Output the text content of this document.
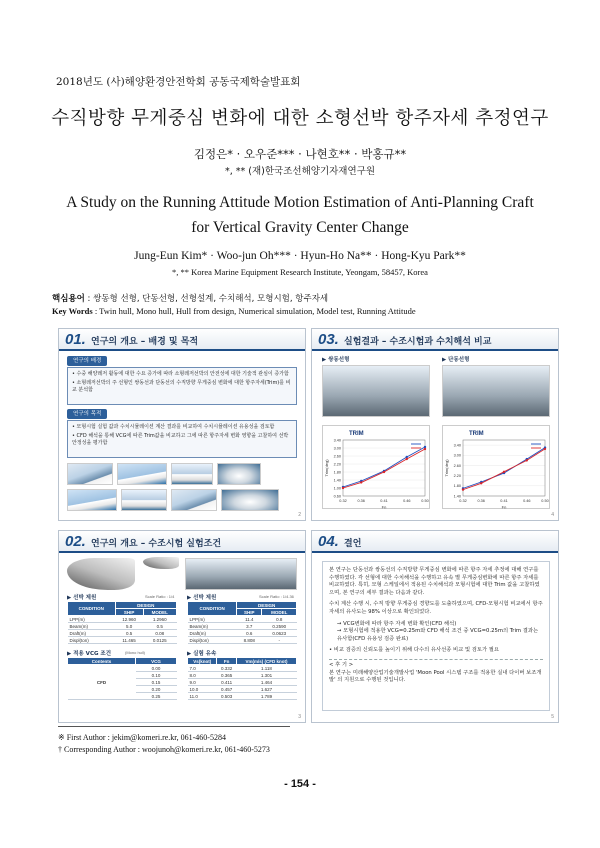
2018년도 (사)해양환경안전학회 공동국제학술발표회
수직방향 무게중심 변화에 대한 소형선박 항주자세 추정연구
김정은* · 오우준*** · 나현호** · 박홍규**
*, ** (재)한국조선해양기자재연구원
A Study on the Running Attitude Motion Estimation of Anti-Planning Craft
for Vertical Gravity Center Change
Jung-Eun Kim* · Woo-jun Oh*** · Hyun-Ho Na** · Hong-Kyu Park**
*, ** Korea Marine Equipment Research Institute, Yeongam, 58457, Korea
핵심용어 : 쌍동형 선형, 단동선형, 선형설계, 수치해석, 모형시험, 항주자세
Key Words : Twin hull, Mono hull, Hull from design, Numerical simulation, Model test, Running Attitude
01. 연구의 개요 – 배경 및 목적
연구의 배경
• 수중 해양레저 활동에 대한 수요 증가에 따라 소형레저선박의 안전성에 대한 기술적 관심이 증가함
• 소형레저선박의 주 선형인 쌍동선과 단동선의 수직방향 무게중심 변화에 대한 항주자세(Trim)를 비교 분석함
연구의 목적
• 모형시험 실험 값과 수치시뮬레이션 계산 결과를 비교하여 수치시뮬레이션 유용성을 검토함
• CFD 해석을 통해 VCG에 따른 Trim값을 비교하고 그에 따른 항주자세 변화 영향을 고찰하여 선박 안정성을 평가함
2
03. 실험결과 – 수조시험과 수치해석 비교
▶ 쌍동선형	▶ 단동선형
TRIM
0.60
1.00
1.40
1.80
2.20
2.60
3.00
3.40
0.32	0.36	0.41	0.46	0.50
Fn
Trim(deg)
TRIM
1.40
1.80
2.20
2.60
3.00
3.40
0.32	0.36	0.41	0.46	0.50
Fn
Trim(deg)
4
02. 연구의 개요 – 수조시험 실험조건
▶ 선박 제원	Scale Ratio : 1/4
CONDITION	DESIGN	
	SHIP	MODEL
LPP(m)	12.960	1.2960
Beam(m)	5.0	0.5
Draft(m)	0.5	0.08
Displ(ton)	11.465	0.0125
▶ 선박 제원	Scale Ratio : 1/4.36
CONDITION	DESIGN	
	SHIP	MODEL
LPP(m)	11.4	0.8
Beam(m)	3.7	0.2590
Draft(m)	0.6	0.0623
Displ(ton)	8.808	-
▶ 적용 VCG 조건	(Mono hull)
Contents	VCG
CFD	0.00
	0.10
	0.15
	0.20
	0.25
▶ 실험 유속
Vs(knot)	Fn	Vm(m/s) (CFD knot)
7.0	0.332	1.118
8.0	0.365	1.301
9.0	0.411	1.464
10.0	0.457	1.627
11.0	0.503	1.789
3
04. 결언

본 연구는 단동선과 쌍동선의 수직방향 무게중심 변화에 따른 항주 자세 추정에 대해 연구를 수행하였다. 각 선형에 대한 수치해석을 수행하고 유속 별 무게중심변화에 따른 항주 자세를 비교하였다. 특히, 모형 스케일에서 적용된 수치해석과 모형시험에 대한 Trim 값을 고찰하였으며, 본 연구의 세부 결과는 다음과 같다.

수치 계산 수행 시, 수직 방향 무게중심 경향도를 도출하였으며, CFD-모형시험 비교에서 항주 자세의 유사도는 98% 이상으로 확인되었다.

→ VCG변화에 따라 항주 자세 변화 확인(CFD 해석)
→ 모형시험에 적용한 VCG=0.25m와 CFD 해석 조건 중 VCG=0.25m의 Trim 결과는 유사함(CFD 유용성 검증 완료)

• 비교 검증의 신뢰도를 높이기 위해 다수의 유사선종 비교 및 검토가 필요

< 후 기 >
본 연구는 미래해양산업기술개발사업 'Moon Pool 시스템 구조를 적용한 실내 다이버 보조개발' 의 지원으로 수행된 것입니다.
5
※ First Author : jekim@komeri.re.kr, 061-460-5284
† Corresponding Author : woojunoh@komeri.re.kr, 061-460-5273
- 154 -
